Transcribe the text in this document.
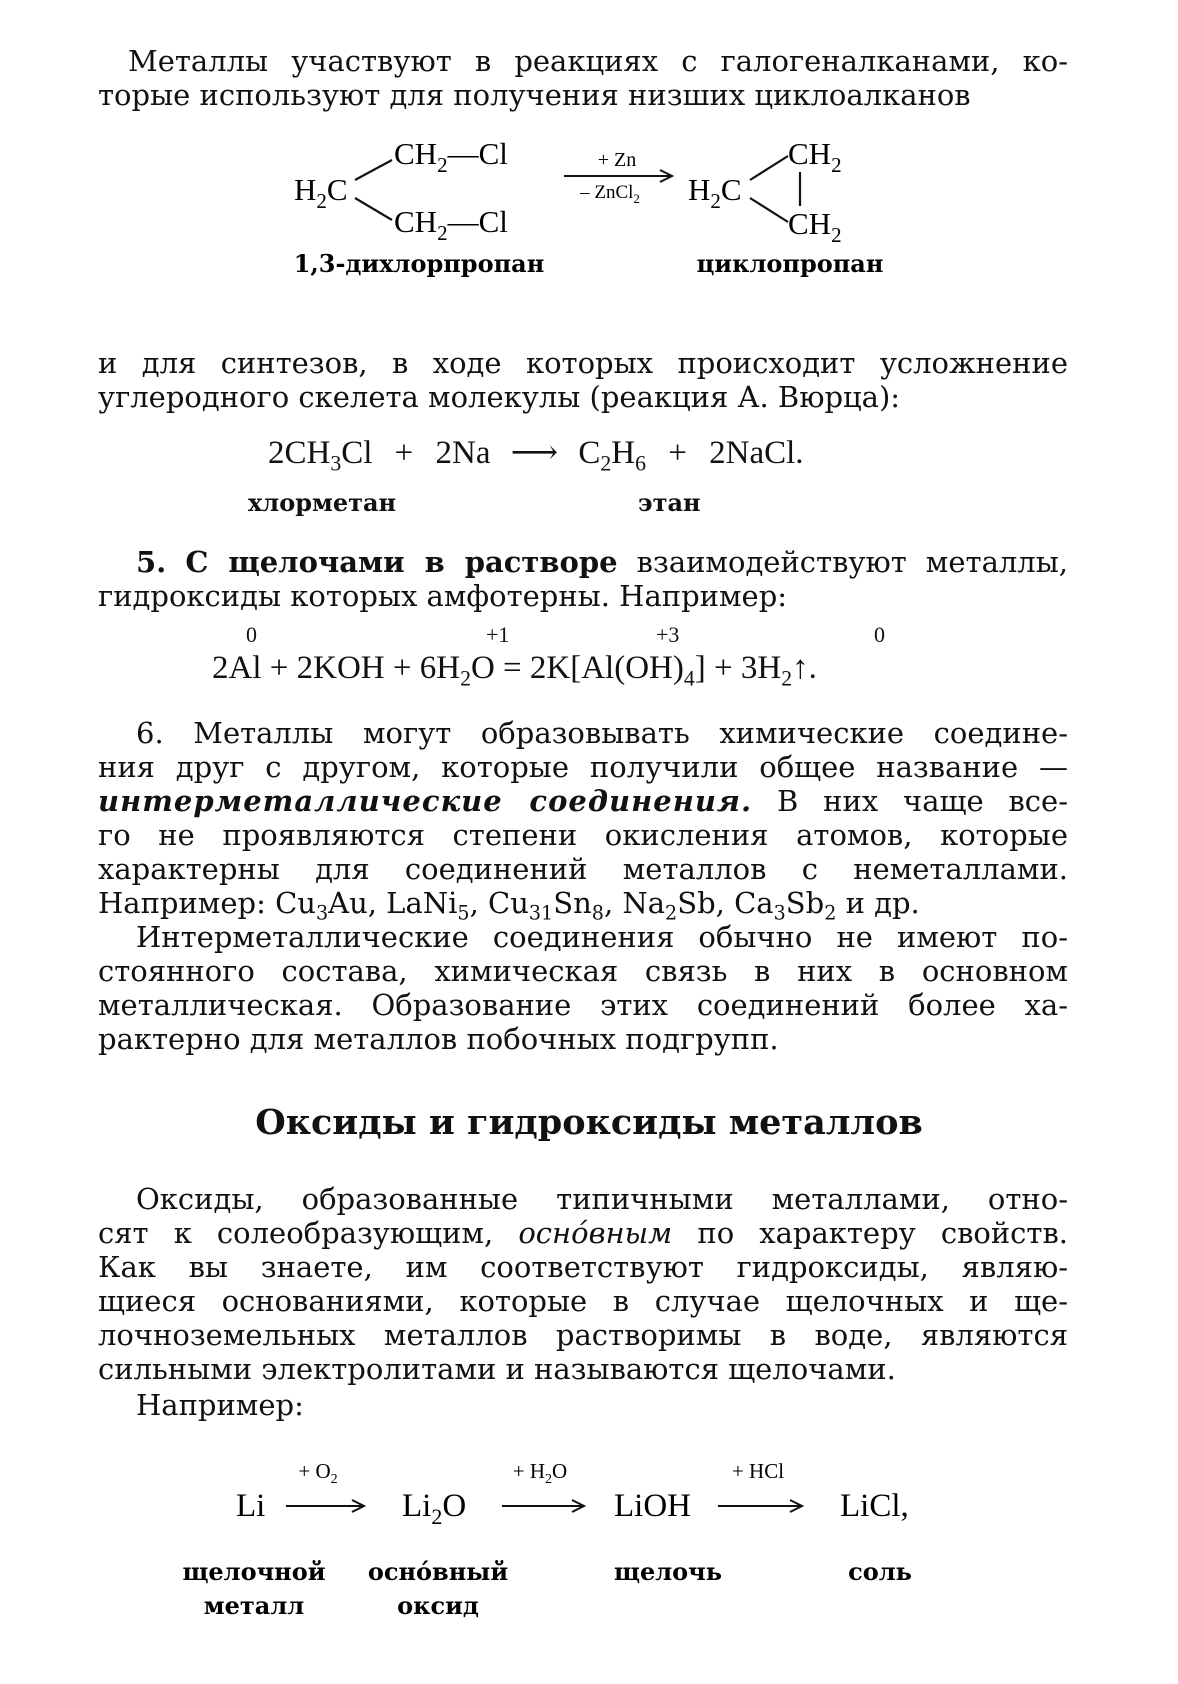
Металлы участвуют в реакциях с галогеналканами, ко-
торые используют для получения низших циклоалканов
$H_2C$
$CH_2—Cl$
$CH_2—Cl$
+ Zn
– ZnCl$_2$ $H_2C$
$CH_2$
$CH_2$
1,3-дихлорпропан	циклопропан
и для синтезов, в ходе которых происходит усложнение
углеродного скелета молекулы (реакция А. Вюрца):
$2CH_3Cl + 2Na$ ⟶ $C_2H_6$ + 2NaCl.
хлорметан	этан
5. С щелочами в растворе взаимодействуют металлы,
гидроксиды которых амфотерны. Например:
$2Al + 2KOH + 6H_2O = 2K[Al(OH)_4]$ + $3H_2↑$.
0	+1	+3	0
6. Металлы могут образовывать химические соедине-
ния друг с другом, которые получили общее название —
интерметаллические соединения. В них чаще все-
го не проявляются степени окисления атомов, которые
характерны для соединений металлов с неметаллами.
Например: $Cu_3Au$, LaNi$_5$, $Cu_{31}Sn_8$, $Na_2Sb$, $Ca_3Sb_2$ и др.
Интерметаллические соединения обычно не имеют по-
стоянного состава, химическая связь в них в основном
металлическая. Образование этих соединений более ха-
рактерно для металлов побочных подгрупп.
Оксиды и гидроксиды металлов
Оксиды, образованные типичными металлами, отно-
сят к солеобразующим, осно́вным по характеру свойств.
Как вы знаете, им соответствуют гидроксиды, являю-
щиеся основаниями, которые в случае щелочных и ще-
лочноземельных металлов растворимы в воде, являются
сильными электролитами и называются щелочами.
Например:
Li
+ $O_2$
$Li_2O$
+ $H_2O$
LiOH
+ HCl
LiCl,
щелочной
металл
осно́вный
оксид
щелочь	соль
